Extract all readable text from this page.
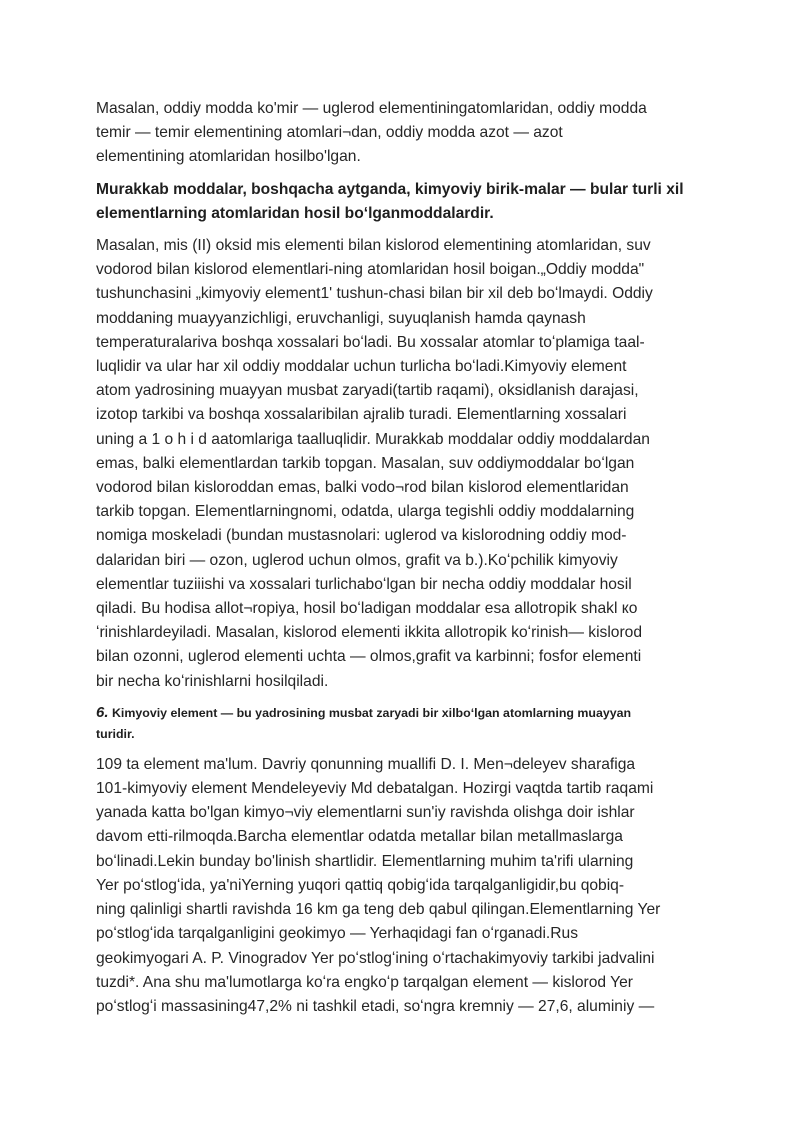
Masalan, oddiy modda ko'mir — uglerod elementiningatomlaridan, oddiy modda
temir — temir elementining atomlari¬dan, oddiy modda azot — azot
elementining atomlaridan hosilbo'lgan.

Murakkab moddalar, boshqacha aytganda, kimyoviy birik-malar — bular turli xil
elementlarning atomlaridan hosil boʻlganmoddalardir.

Masalan, mis (II) oksid mis elementi bilan kislorod elementining atomlaridan, suv
vodorod bilan kislorod elementlari-ning atomlaridan hosil boigan.„Oddiy modda"
tushunchasini „kimyoviy element1' tushun-chasi bilan bir xil deb boʻlmaydi. Oddiy
moddaning muayyanzichligi, eruvchanligi, suyuqlanish hamda qaynash
temperaturalariva boshqa xossalari boʻladi. Bu xossalar atomlar toʻplamiga taal-
luqlidir va ular har xil oddiy moddalar uchun turlicha boʻladi.Kimyoviy element
atom yadrosining muayyan musbat zaryadi(tartib raqami), oksidlanish darajasi,
izotop tarkibi va boshqa xossalaribilan ajralib turadi. Elementlarning xossalari
uning a 1 o h i d aatomlariga taalluqlidir. Murakkab moddalar oddiy moddalardan
emas, balki elementlardan tarkib topgan. Masalan, suv oddiymoddalar boʻlgan
vodorod bilan kisloroddan emas, balki vodo¬rod bilan kislorod elementlaridan
tarkib topgan. Elementlarningnomi, odatda, ularga tegishli oddiy moddalarning
nomiga moskeladi (bundan mustasnolari: uglerod va kislorodning oddiy mod-
dalaridan biri — ozon, uglerod uchun olmos, grafit va b.).Koʻpchilik kimyoviy
elementlar tuziiishi va xossalari turlichaboʻlgan bir necha oddiy moddalar hosil
qiladi. Bu hodisa allot¬ropiya, hosil boʻladigan moddalar esa allotropik shakl ко
ʻrinishlardeyiladi. Masalan, kislorod elementi ikkita allotropik koʻrinish— kislorod
bilan ozonni, uglerod elementi uchta — olmos,grafit va karbinni; fosfor elementi
bir necha koʻrinishlarni hosilqiladi.

6. Kimyoviy element — bu yadrosining musbat zaryadi bir xilboʻlgan atomlarning muayyan
turidir.

109 ta element ma'lum. Davriy qonunning muallifi D. I. Men¬deleyev sharafiga
101-kimyoviy element Mendeleyeviy Md debatalgan. Hozirgi vaqtda tartib raqami
yanada katta bo'lgan kimyo¬viy elementlarni sun'iy ravishda olishga doir ishlar
davom etti-rilmoqda.Barcha elementlar odatda metallar bilan metallmaslarga
boʻlinadi.Lekin bunday bo'linish shartlidir. Elementlarning muhim ta'rifi ularning
Yer poʻstlogʻida, ya'niYerning yuqori qattiq qobigʻida tarqalganligidir,bu qobiq-
ning qalinligi shartli ravishda 16 km ga teng deb qabul qilingan.Elementlarning Yer
poʻstlogʻida tarqalganligini geokimyo — Yerhaqidagi fan oʻrganadi.Rus
geokimyogari A. P. Vinogradov Yer poʻstlogʻining oʻrtachakimyoviy tarkibi jadvalini
tuzdi*. Ana shu ma'lumotlarga koʻra engkoʻp tarqalgan element — kislorod Yer
poʻstlogʻi massasining47,2% ni tashkil etadi, soʻngra kremniy — 27,6, aluminiy —
